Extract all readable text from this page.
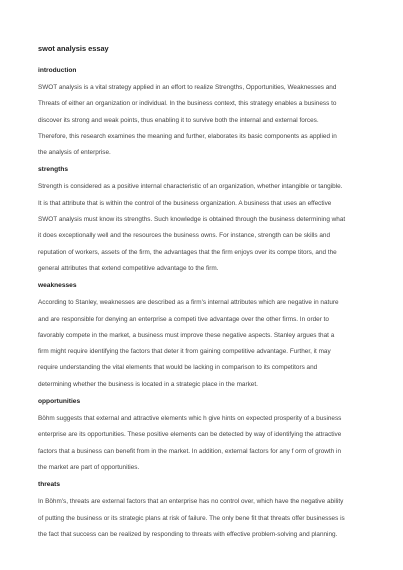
swot analysis essay
introduction
SWOT analysis is a vital strategy applied in an effort to realize Strengths, Opportunities, Weaknesses and
Threats of either an organization or individual. In the business context, this strategy enables a business to
discover its strong and weak points, thus enabling it to survive both the internal and external forces.
Therefore, this research examines the meaning and further, elaborates its basic components as applied in
the analysis of enterprise.
strengths
Strength is considered as a positive internal characteristic of an organization, whether intangible or tangible.
It is that attribute that is within the control of the business organization. A business that uses an effective
SWOT analysis must know its strengths. Such knowledge is obtained through the business determining what
it does exceptionally well and the resources the business owns. For instance, strength can be skills and
reputation of workers, assets of the firm, the advantages that the firm enjoys over its compe titors, and the
general attributes that extend competitive advantage to the firm.
weaknesses
According to Stanley, weaknesses are described as a firm's internal attributes which are negative in nature
and are responsible for denying an enterprise a competi tive advantage over the other firms. In order to
favorably compete in the market, a business must improve these negative aspects. Stanley argues that a
firm might require identifying the factors that deter it from gaining competitive advantage. Further, it may
require understanding the vital elements that would be lacking in comparison to its competitors and
determining whether the business is located in a strategic place in the market.
opportunities
Böhm suggests that external and attractive elements whic h give hints on expected prosperity of a business
enterprise are its opportunities. These positive elements can be detected by way of identifying the attractive
factors that a business can benefit from in the market. In addition, external factors for any f orm of growth in
the market are part of opportunities.
threats
In Böhm's, threats are external factors that an enterprise has no control over, which have the negative ability
of putting the business or its strategic plans at risk of failure. The only bene fit that threats offer businesses is
the fact that success can be realized by responding to threats with effective problem-solving and planning.
